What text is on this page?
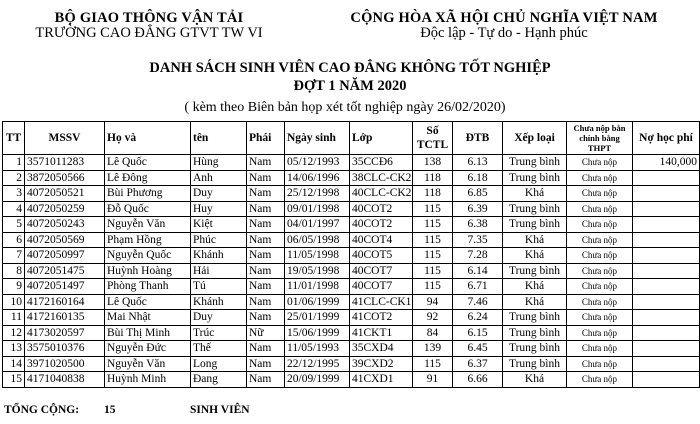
BỘ GIAO THÔNG VẬN TẢI
TRƯỜNG CAO ĐẲNG GTVT TW VI
CỘNG HÒA XÃ HỘI CHỦ NGHĨA VIỆT NAM
Độc lập - Tự do - Hạnh phúc
DANH SÁCH SINH VIÊN CAO ĐẲNG KHÔNG TỐT NGHIỆP
ĐỢT 1 NĂM 2020
( kèm theo Biên bản họp xét tốt nghiệp ngày 26/02/2020)
TT	MSSV	Họ và	tên	Phái	Ngày sinh	Lớp	Số TCTL	ĐTB	Xếp loại	Chưa nộp bằn chính bằng THPT	Nợ học phí
1	3571011283	Lê Quốc	Hùng	Nam	05/12/1993	35CCĐ6	138	6.13	Trung bình	Chưa nộp	140,000
2	3872050566	Lê Đông	Anh	Nam	14/06/1996	38CLC-CK2	118	6.18	Trung bình	Chưa nộp	
3	4072050521	Bùi Phương	Duy	Nam	25/12/1998	40CLC-CK2	118	6.85	Khá	Chưa nộp	
4	4072050259	Đỗ Quốc	Huy	Nam	09/01/1998	40COT2	115	6.39	Trung bình	Chưa nộp	
5	4072050243	Nguyễn Văn	Kiệt	Nam	04/01/1997	40COT2	115	6.38	Trung bình	Chưa nộp	
6	4072050569	Phạm Hồng	Phúc	Nam	06/05/1998	40COT4	115	7.35	Khá	Chưa nộp	
7	4072050997	Nguyễn Quốc	Khánh	Nam	11/05/1998	40COT5	115	7.28	Khá	Chưa nộp	
8	4072051475	Huỳnh Hoàng	Hải	Nam	19/05/1998	40COT7	115	6.14	Trung bình	Chưa nộp	
9	4072051497	Phòng Thanh	Tú	Nam	11/01/1998	40COT7	115	6.71	Khá	Chưa nộp	
10	4172160164	Lê Quốc	Khánh	Nam	01/06/1999	41CLC-CK1	94	7.46	Khá	Chưa nộp	
11	4172160135	Mai Nhật	Duy	Nam	25/01/1999	41COT2	92	6.24	Trung bình	Chưa nộp	
12	4173020597	Bùi Thị Minh	Trúc	Nữ	15/06/1999	41CKT1	84	6.15	Trung bình	Chưa nộp	
13	3575010376	Nguyễn Đức	Thế	Nam	11/05/1993	35CXD4	139	6.45	Trung bình	Chưa nộp	
14	3971020500	Nguyễn Văn	Long	Nam	22/12/1995	39CXD2	115	6.37	Trung bình	Chưa nộp	
15	4171040838	Huỳnh Minh	Đang	Nam	20/09/1999	41CXD1	91	6.66	Khá	Chưa nộp	
TỔNG CỘNG: 15	SINH VIÊN
